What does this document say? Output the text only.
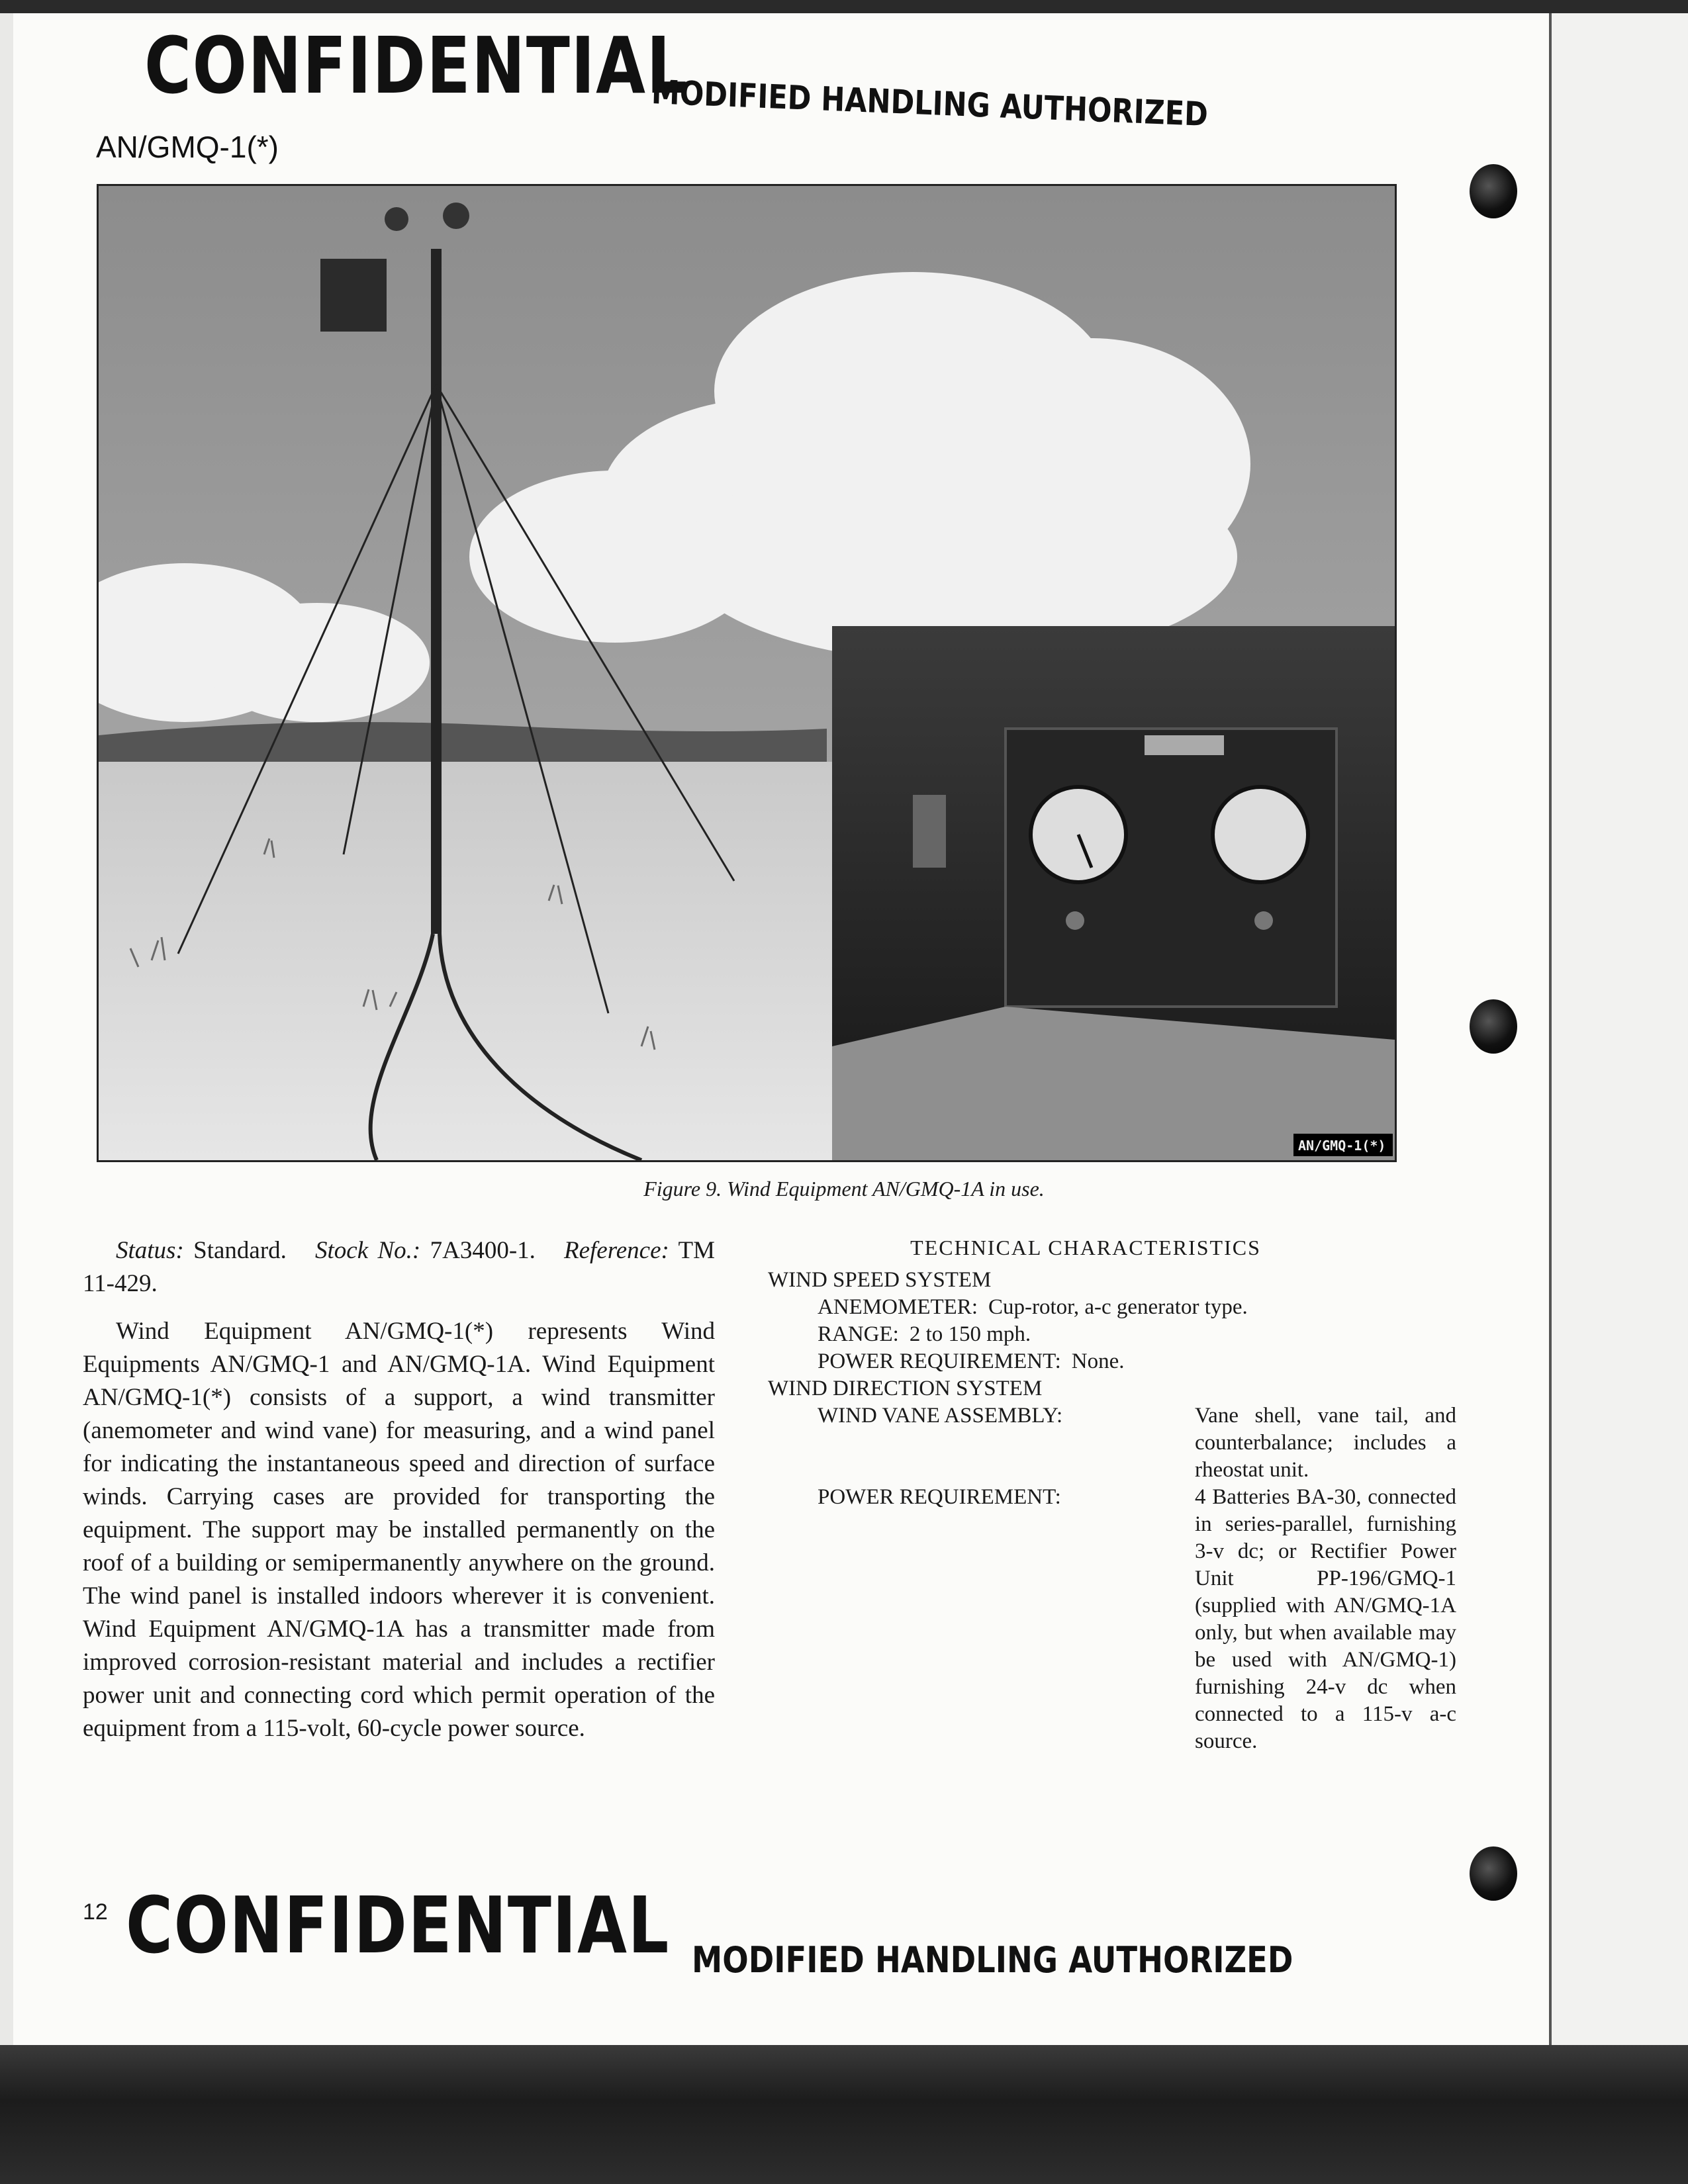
CONFIDENTIAL
MODIFIED HANDLING AUTHORIZED
AN/GMQ-1(*)
AN/GMQ-1(*)
Figure 9. Wind Equipment AN/GMQ-1A in use.

Status: Standard. Stock No.: 7A3400-1. Reference: TM 11-429.

Wind Equipment AN/GMQ-1(*) represents Wind Equipments AN/GMQ-1 and AN/GMQ-1A. Wind Equipment AN/GMQ-1(*) consists of a support, a wind transmitter (anemometer and wind vane) for measuring, and a wind panel for indicating the instantaneous speed and direction of surface winds. Carrying cases are provided for transporting the equipment. The support may be installed permanently on the roof of a building or semipermanently anywhere on the ground. The wind panel is installed indoors wherever it is convenient. Wind Equipment AN/GMQ-1A has a transmitter made from improved corrosion-resistant material and includes a rectifier power unit and connecting cord which permit operation of the equipment from a 115-volt, 60-cycle power source.

TECHNICAL CHARACTERISTICS
WIND SPEED SYSTEM
ANEMOMETER: Cup-rotor, a-c generator type.
RANGE: 2 to 150 mph.
POWER REQUIREMENT: None.
WIND DIRECTION SYSTEM
WIND VANE ASSEMBLY:	Vane shell, vane tail, and counterbalance; includes a rheostat unit.
POWER REQUIREMENT:	4 Batteries BA-30, connected in series-parallel, furnishing 3-v dc; or Rectifier Power Unit PP-196/GMQ-1 (supplied with AN/GMQ-1A only, but when available may be used with AN/GMQ-1) furnishing 24-v dc when connected to a 115-v a-c source.
12 CONFIDENTIAL MODIFIED HANDLING AUTHORIZED
